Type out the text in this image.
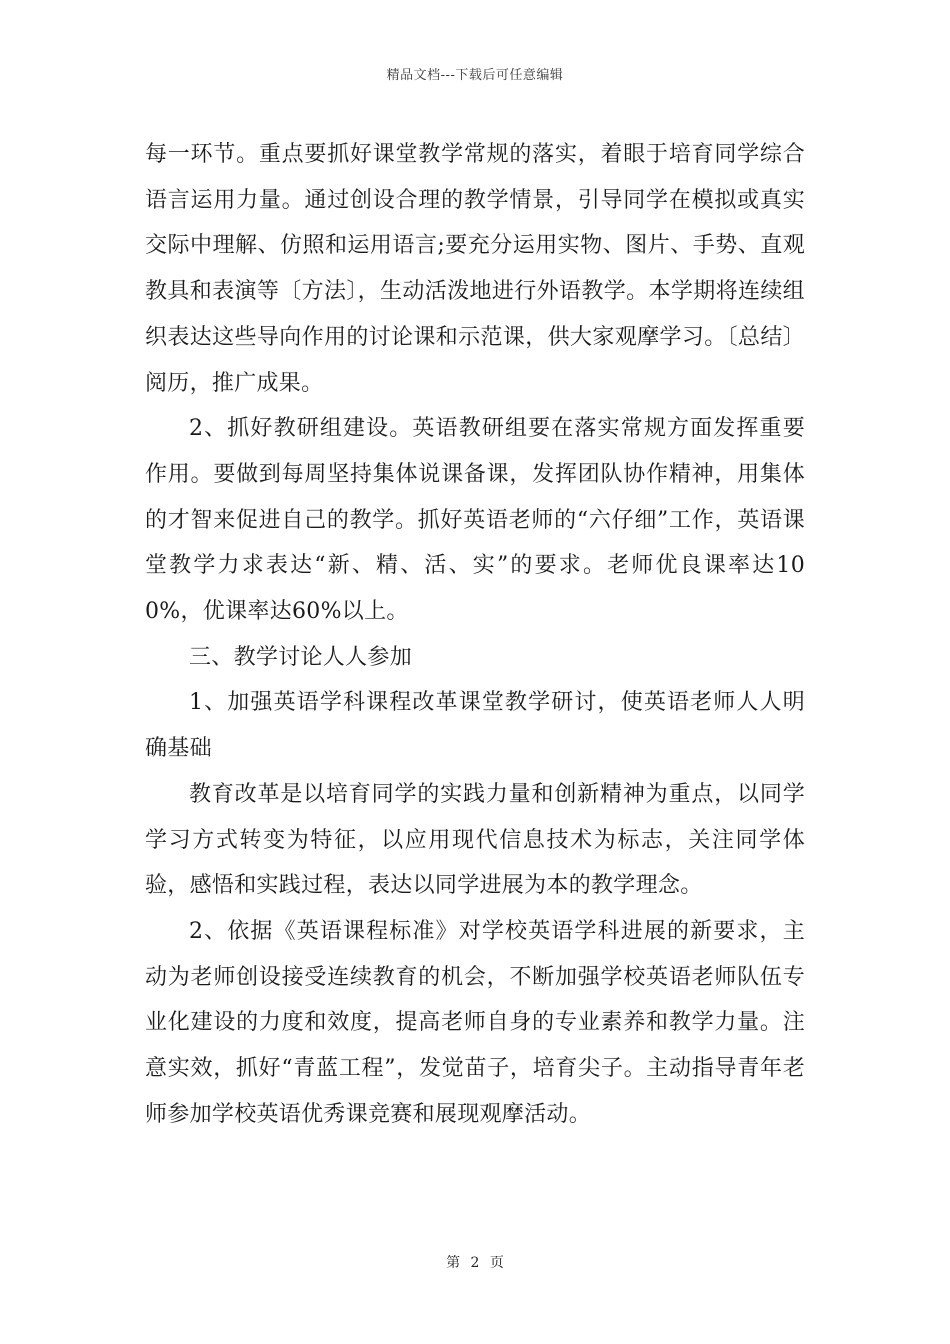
精品文档---下载后可任意编辑

每一环节。重点要抓好课堂教学常规的落实，着眼于培育同学综合语言运用力量。通过创设合理的教学情景，引导同学在模拟或真实交际中理解、仿照和运用语言;要充分运用实物、图片、手势、直观教具和表演等〔方法〕，生动活泼地进行外语教学。本学期将连续组织表达这些导向作用的讨论课和示范课，供大家观摩学习。〔总结〕阅历，推广成果。

2、抓好教研组建设。英语教研组要在落实常规方面发挥重要作用。要做到每周坚持集体说课备课，发挥团队协作精神，用集体的才智来促进自己的教学。抓好英语老师的“六仔细”工作，英语课堂教学力求表达“新、精、活、实”的要求。老师优良课率达100%，优课率达60%以上。

三、教学讨论人人参加

1、加强英语学科课程改革课堂教学研讨，使英语老师人人明确基础

教育改革是以培育同学的实践力量和创新精神为重点，以同学学习方式转变为特征，以应用现代信息技术为标志，关注同学体验，感悟和实践过程，表达以同学进展为本的教学理念。

2、依据《英语课程标准》对学校英语学科进展的新要求，主动为老师创设接受连续教育的机会，不断加强学校英语老师队伍专业化建设的力度和效度，提高老师自身的专业素养和教学力量。注意实效，抓好“青蓝工程”，发觉苗子，培育尖子。主动指导青年老师参加学校英语优秀课竞赛和展现观摩活动。

第 2 页
